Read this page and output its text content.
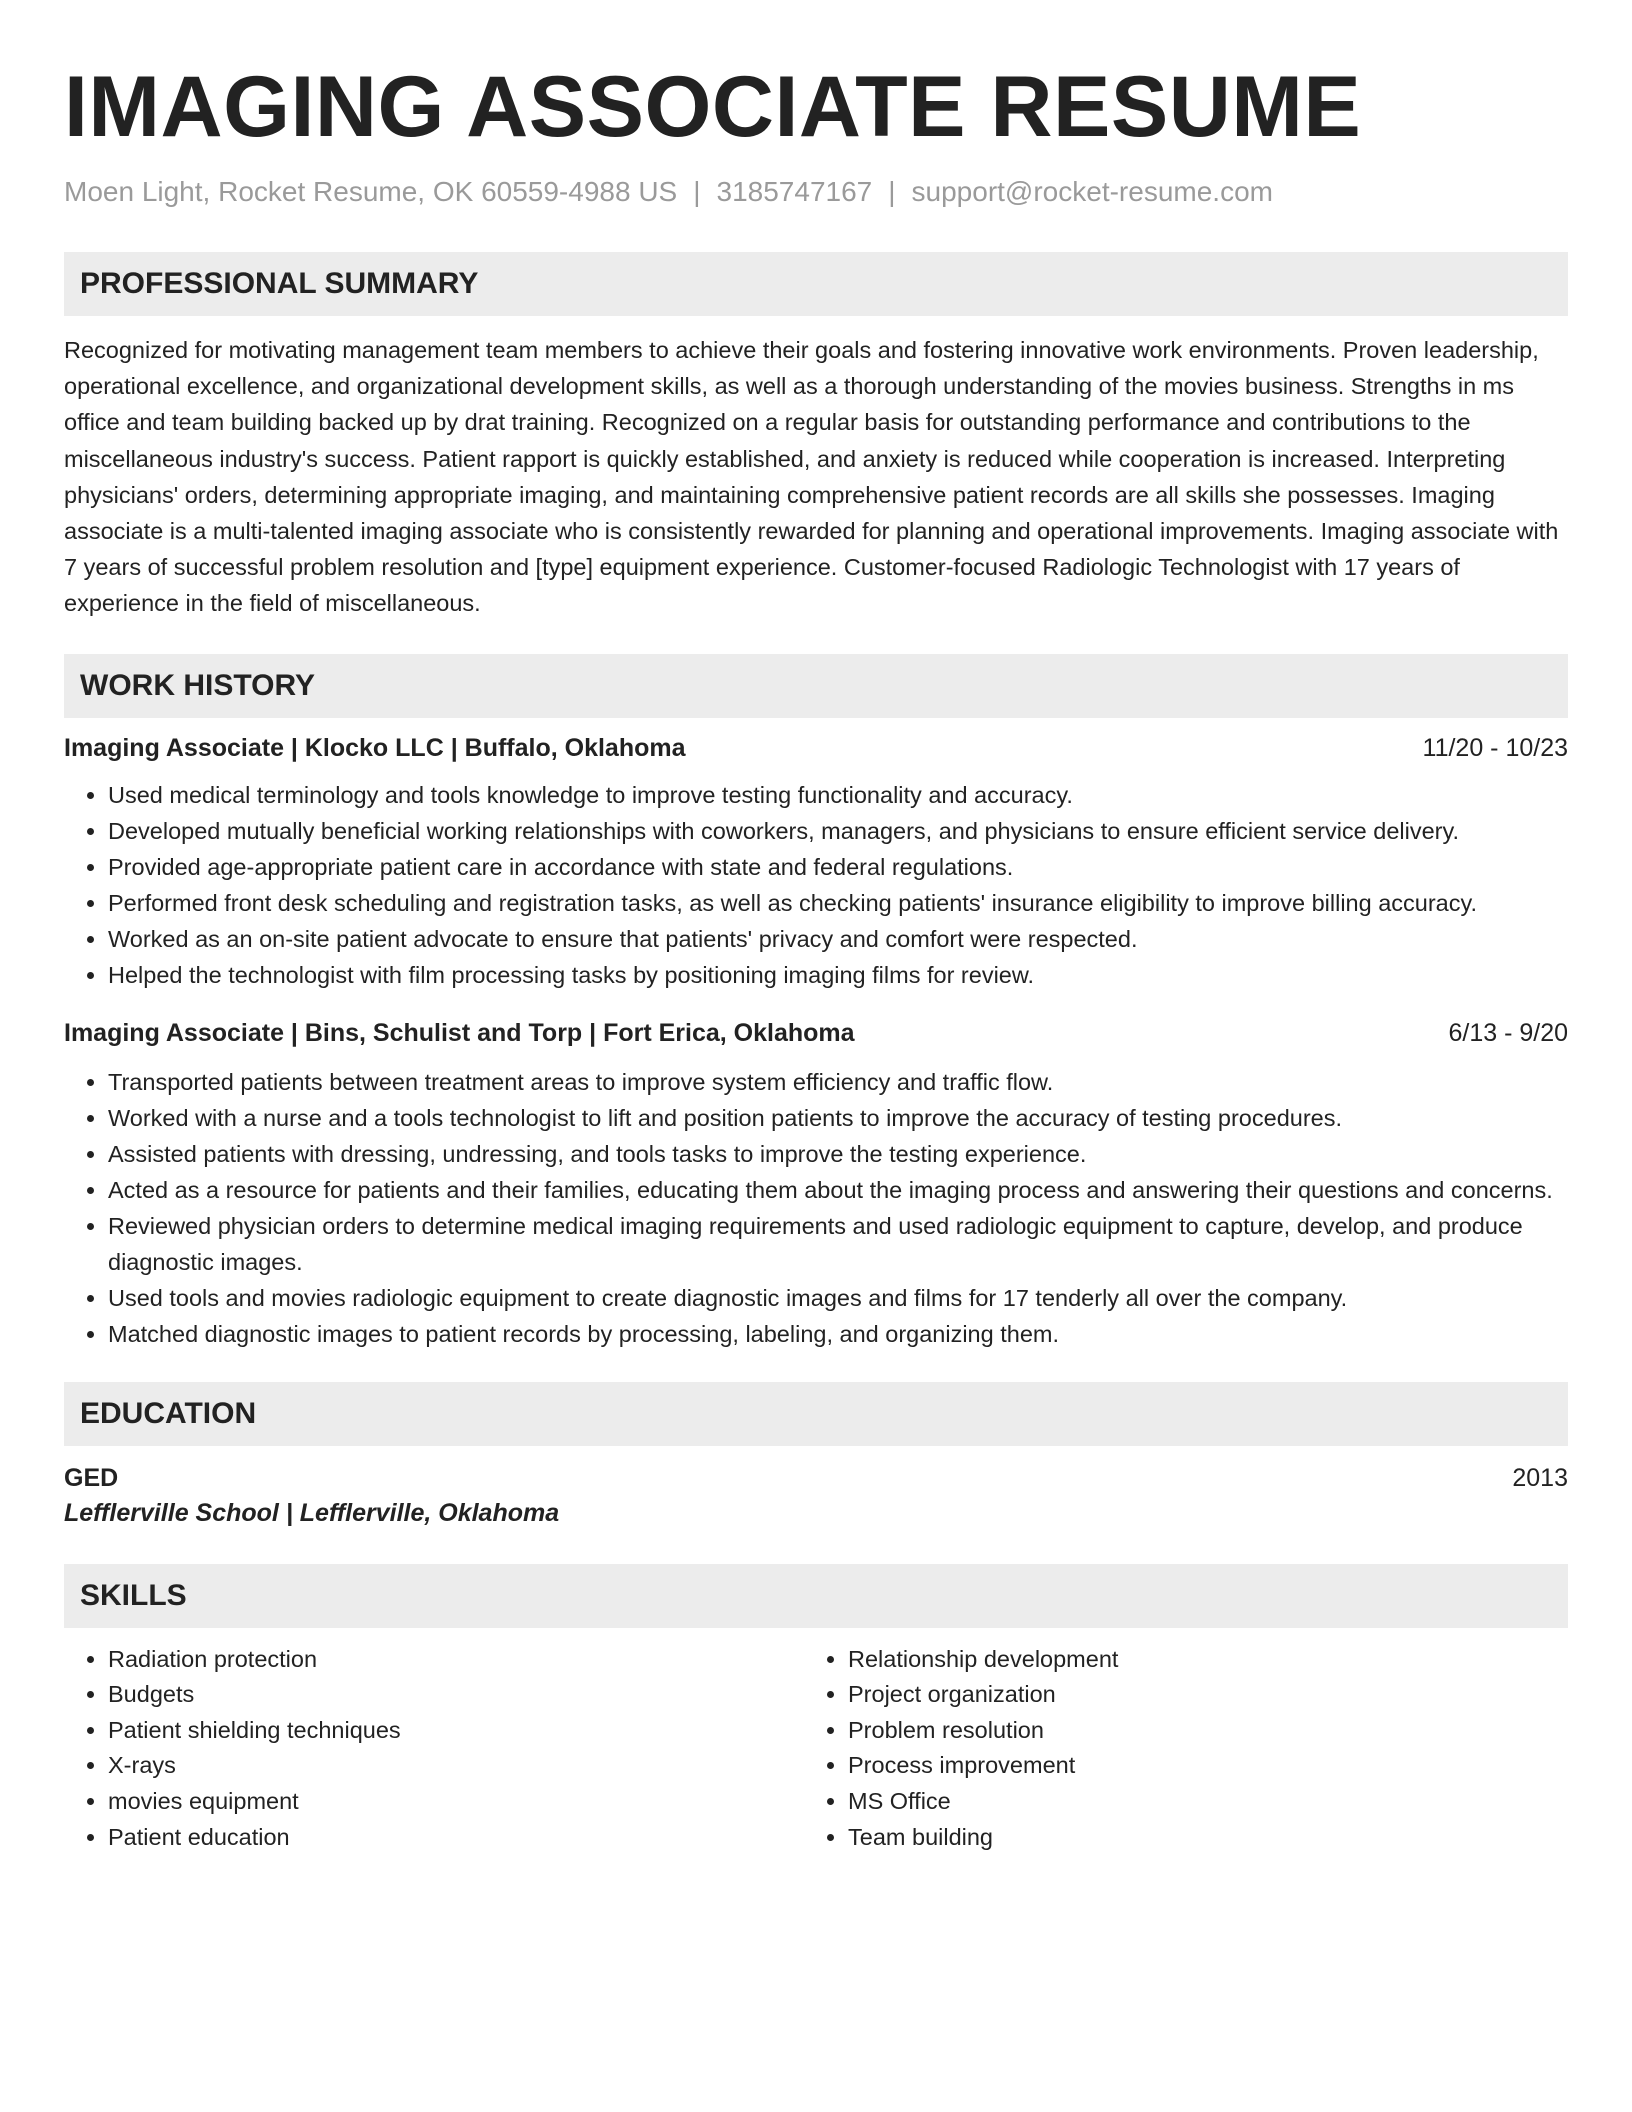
IMAGING ASSOCIATE RESUME
Moen Light, Rocket Resume, OK 60559-4988 US | 3185747167 | support@rocket-resume.com
PROFESSIONAL SUMMARY

Recognized for motivating management team members to achieve their goals and fostering innovative work environments. Proven leadership, operational excellence, and organizational development skills, as well as a thorough understanding of the movies business. Strengths in ms office and team building backed up by drat training. Recognized on a regular basis for outstanding performance and contributions to the miscellaneous industry's success. Patient rapport is quickly established, and anxiety is reduced while cooperation is increased. Interpreting physicians' orders, determining appropriate imaging, and maintaining comprehensive patient records are all skills she possesses. Imaging associate is a multi-talented imaging associate who is consistently rewarded for planning and operational improvements. Imaging associate with 7 years of successful problem resolution and [type] equipment experience. Customer-focused Radiologic Technologist with 17 years of experience in the field of miscellaneous.

WORK HISTORY
Imaging Associate | Klocko LLC | Buffalo, Oklahoma	11/20 - 10/23
• Used medical terminology and tools knowledge to improve testing functionality and accuracy.
• Developed mutually beneficial working relationships with coworkers, managers, and physicians to ensure efficient service delivery.
• Provided age-appropriate patient care in accordance with state and federal regulations.
• Performed front desk scheduling and registration tasks, as well as checking patients' insurance eligibility to improve billing accuracy.
• Worked as an on-site patient advocate to ensure that patients' privacy and comfort were respected.
• Helped the technologist with film processing tasks by positioning imaging films for review.
Imaging Associate | Bins, Schulist and Torp | Fort Erica, Oklahoma	6/13 - 9/20
• Transported patients between treatment areas to improve system efficiency and traffic flow.
• Worked with a nurse and a tools technologist to lift and position patients to improve the accuracy of testing procedures.
• Assisted patients with dressing, undressing, and tools tasks to improve the testing experience.
• Acted as a resource for patients and their families, educating them about the imaging process and answering their questions and concerns.
• Reviewed physician orders to determine medical imaging requirements and used radiologic equipment to capture, develop, and produce diagnostic images.
• Used tools and movies radiologic equipment to create diagnostic images and films for 17 tenderly all over the company.
• Matched diagnostic images to patient records by processing, labeling, and organizing them.
EDUCATION
GED	2013
Lefflerville School | Lefflerville, Oklahoma
SKILLS
• Radiation protection
• Budgets
• Patient shielding techniques
• X-rays
• movies equipment
• Patient education
• Relationship development
• Project organization
• Problem resolution
• Process improvement
• MS Office
• Team building
